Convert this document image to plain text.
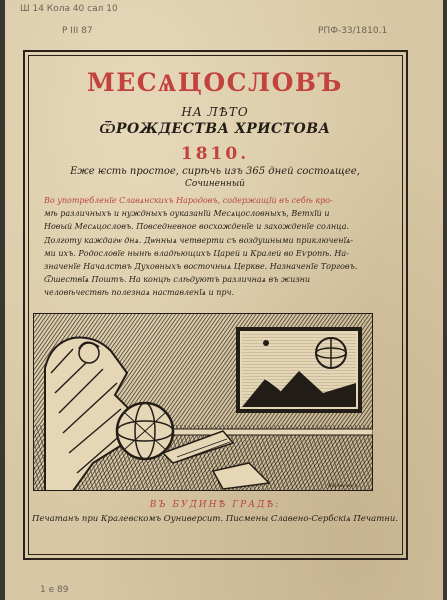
Ш 14 Кола 40 сал 10
Р III 87	РПФ-33/1810.1
МЕСѦЦОСЛОВЪ
НА ЛѢТО
ѾРОЖДЕСТВА ХРИСТОВА
1810.
Еже ѥсть простое, сирѣчь изъ 365 дней состоѧщее,
Сочиненный
Во употребленїе Славѧнскихъ Народовъ, содержащїй въ себѣ кро-
мѣ различныхъ и нуждныхъ оуказанїй Месѧцословныхъ, Ветхїй и
Новый Месѧцословъ. Повседневное восхожденїе и захожденїе солнца.
Долготу каждагѡ днѧ. Дѡнныѧ четверти съ воздушными приключенїѧ-
ми ихъ. Родословїе нынѣ владѣющихъ Царей и Кралей во Еѵропѣ. На-
значенїе Началствъ Духовныхъ восточныѧ Церкве. Назначенїе Торговъ.
Ѿшествїѧ Поштъ. На концѣ слѣдуютъ различнаѧ въ жизни
человѣчествѣ полезнаѧ наставленїѧ и прч.
Вертелесъ
ВЪ БУДИНѢ ГРАДѢ:
Печатанъ при Кралевскомъ Оуниверсит. Писмены Славено-Сербскіѧ Печатни.
1 е 89
